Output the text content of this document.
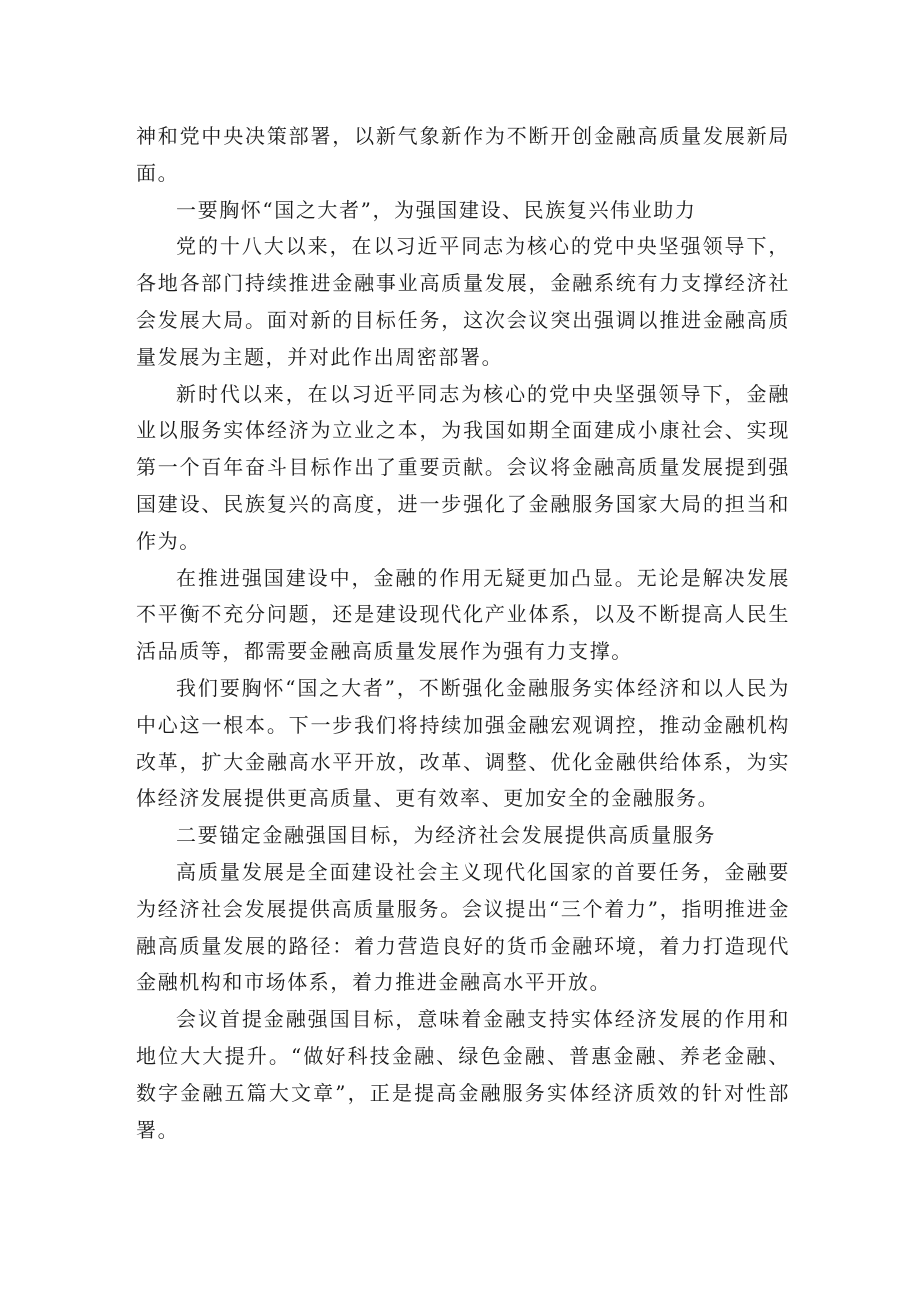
神和党中央决策部署，以新气象新作为不断开创金融高质量发展新局面。

一要胸怀“国之大者”，为强国建设、民族复兴伟业助力

党的十八大以来，在以习近平同志为核心的党中央坚强领导下，各地各部门持续推进金融事业高质量发展，金融系统有力支撑经济社会发展大局。面对新的目标任务，这次会议突出强调以推进金融高质量发展为主题，并对此作出周密部署。

新时代以来，在以习近平同志为核心的党中央坚强领导下，金融业以服务实体经济为立业之本，为我国如期全面建成小康社会、实现第一个百年奋斗目标作出了重要贡献。会议将金融高质量发展提到强国建设、民族复兴的高度，进一步强化了金融服务国家大局的担当和作为。

在推进强国建设中，金融的作用无疑更加凸显。无论是解决发展不平衡不充分问题，还是建设现代化产业体系，以及不断提高人民生活品质等，都需要金融高质量发展作为强有力支撑。

我们要胸怀“国之大者”，不断强化金融服务实体经济和以人民为中心这一根本。下一步我们将持续加强金融宏观调控，推动金融机构改革，扩大金融高水平开放，改革、调整、优化金融供给体系，为实体经济发展提供更高质量、更有效率、更加安全的金融服务。

二要锚定金融强国目标，为经济社会发展提供高质量服务

高质量发展是全面建设社会主义现代化国家的首要任务，金融要为经济社会发展提供高质量服务。会议提出“三个着力”，指明推进金融高质量发展的路径：着力营造良好的货币金融环境，着力打造现代金融机构和市场体系，着力推进金融高水平开放。

会议首提金融强国目标，意味着金融支持实体经济发展的作用和地位大大提升。“做好科技金融、绿色金融、普惠金融、养老金融、数字金融五篇大文章”，正是提高金融服务实体经济质效的针对性部署。
